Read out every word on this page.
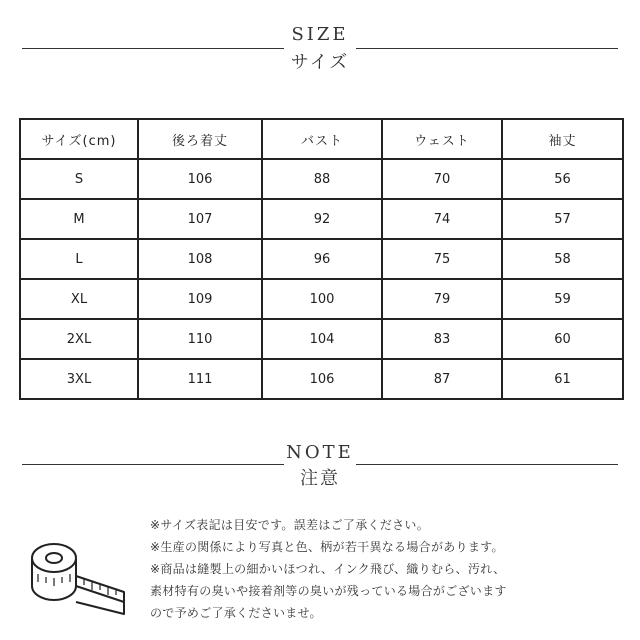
SIZE
サイズ
サイズ(cm)	後ろ着丈	バスト	ウェスト	袖丈
S	106	88	70	56
M	107	92	74	57
L	108	96	75	58
XL	109	100	79	59
2XL	110	104	83	60
3XL	111	106	87	61
NOTE
注意
※サイズ表記は目安です。誤差はご了承ください。
※生産の関係により写真と色、柄が若干異なる場合があります。
※商品は縫製上の細かいほつれ、インク飛び、織りむら、汚れ、
素材特有の臭いや接着剤等の臭いが残っている場合がございます
ので予めご了承くださいませ。
